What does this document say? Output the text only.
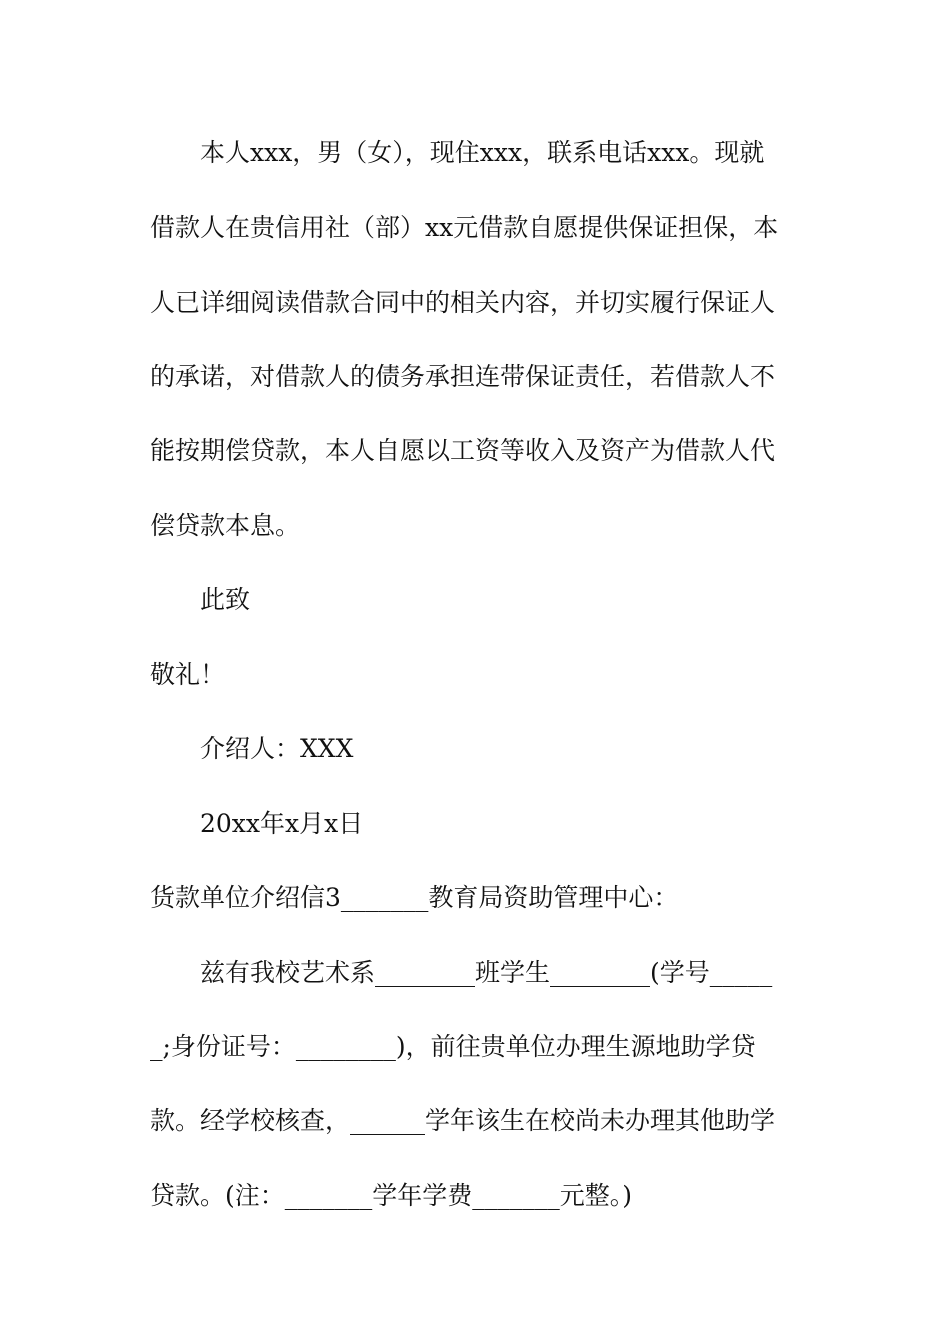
本人xxx，男（女），现住xxx，联系电话xxx。现就

借款人在贵信用社（部）xx元借款自愿提供保证担保，本

人已详细阅读借款合同中的相关内容，并切实履行保证人

的承诺，对借款人的债务承担连带保证责任，若借款人不

能按期偿贷款，本人自愿以工资等收入及资产为借款人代

偿贷款本息。

此致

敬礼！

介绍人：XXX

20xx年x月x日

货款单位介绍信3_______教育局资助管理中心：

兹有我校艺术系________班学生________(学号_____

_;身份证号：________)，前往贵单位办理生源地助学贷

款。经学校核查，______学年该生在校尚未办理其他助学

贷款。(注：_______学年学费_______元整。)
